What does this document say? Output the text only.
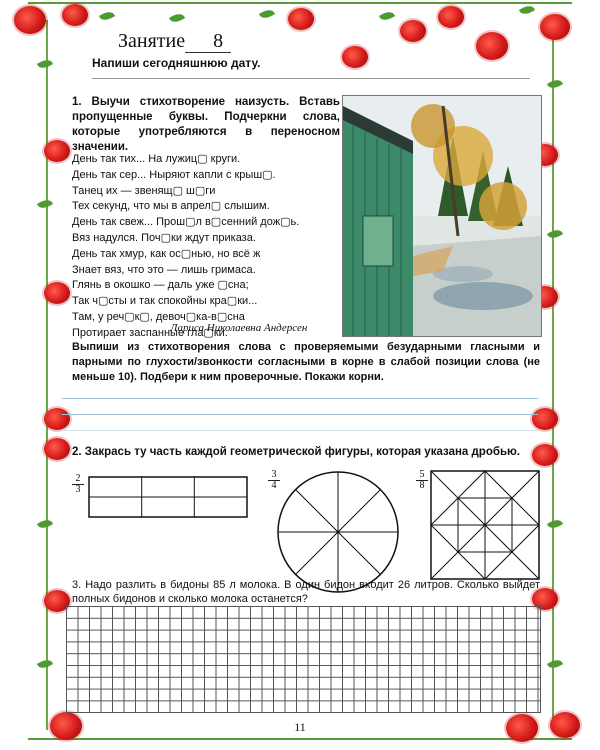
Занятие 8
Напиши сегодняшнюю дату.
1. Выучи стихотворение наизусть. Вставь пропущенные буквы. Подчеркни слова, которые употребляются в переносном значении.
День так тих... На лужиц▢ круги.
День так сер... Ныряют капли с крыш▢.
Танец их — звенящ▢ ш▢ги
Тех секунд, что мы в апрел▢ слышим.
День так свеж... Прош▢л в▢сенний дож▢ь.
Вяз надулся. Поч▢ки ждут приказа.
День так хмур, как ос▢нью, но всё ж
Знает вяз, что это — лишь гримаса.
Глянь в окошко — даль уже ▢сна;
Так ч▢сты и так спокойны кра▢ки...
Там, у реч▢к▢, девоч▢ка-в▢сна
Протирает заспанные гла▢ки.
Лариса Николаевна Андерсен
Выпиши из стихотворения слова с проверяемыми безударными гласными и парными по глухости/звонкости согласными в корне в слабой позиции слова (не меньше 10). Подбери к ним проверочные. Покажи корни.
2. Закрась ту часть каждой геометрической фигуры, которая указана дробью.
$\frac{2}{3}$	$\frac{3}{4}$	$\frac{5}{8}$
3. Надо разлить в бидоны 85 л молока. В один бидон входит 26 литров. Сколько выйдет полных бидонов и сколько молока останется?
11
